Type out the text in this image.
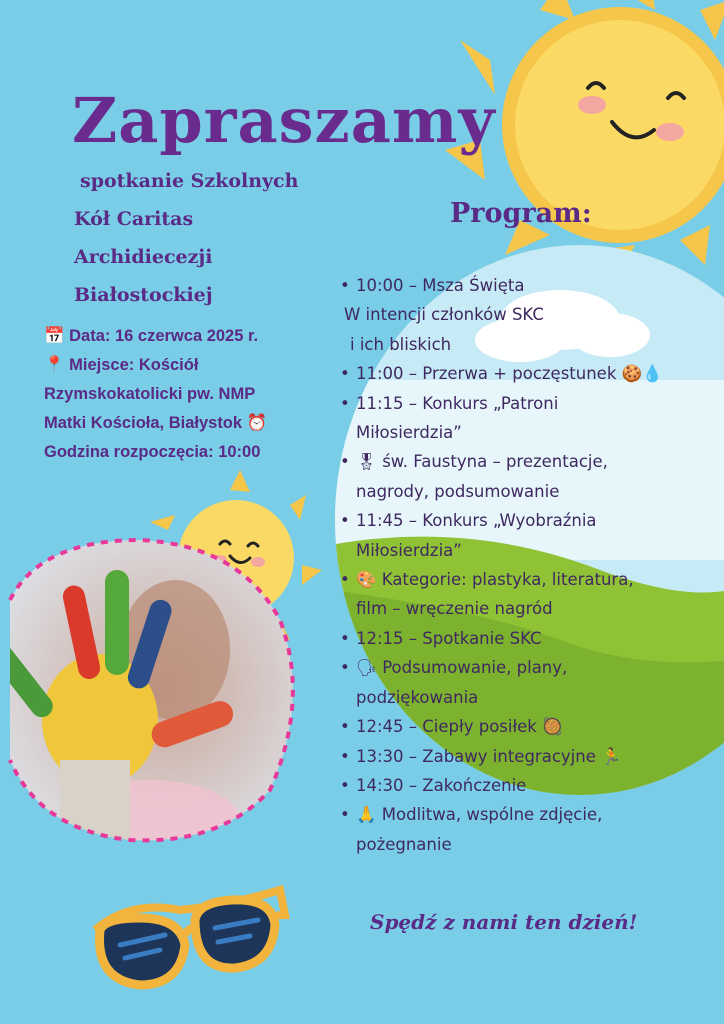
Zapraszamy
spotkanie Szkolnych
Kół Caritas
Archidiecezji
Białostockiej
📅 Data: 16 czerwca 2025 r.
📍 Miejsce: Kościół
Rzymskokatolicki pw. NMP
Matki Kościoła, Białystok ⏰
Godzina rozpoczęcia: 10:00
Program:
• 10:00 – Msza Święta
W intencji członków SKC
i ich bliskich
• 11:00 – Przerwa + poczęstunek 🍪💧
• 11:15 – Konkurs „Patroni
Miłosierdzia”
• 🎖 św. Faustyna – prezentacje,
nagrody, podsumowanie
• 11:45 – Konkurs „Wyobraźnia
Miłosierdzia”
• 🎨 Kategorie: plastyka, literatura,
film – wręczenie nagród
• 12:15 – Spotkanie SKC
• 🗣 Podsumowanie, plany,
podziękowania
• 12:45 – Ciepły posiłek 🥘
• 13:30 – Zabawy integracyjne 🏃
• 14:30 – Zakończenie
• 🙏 Modlitwa, wspólne zdjęcie,
pożegnanie
Spędź z nami ten dzień!
